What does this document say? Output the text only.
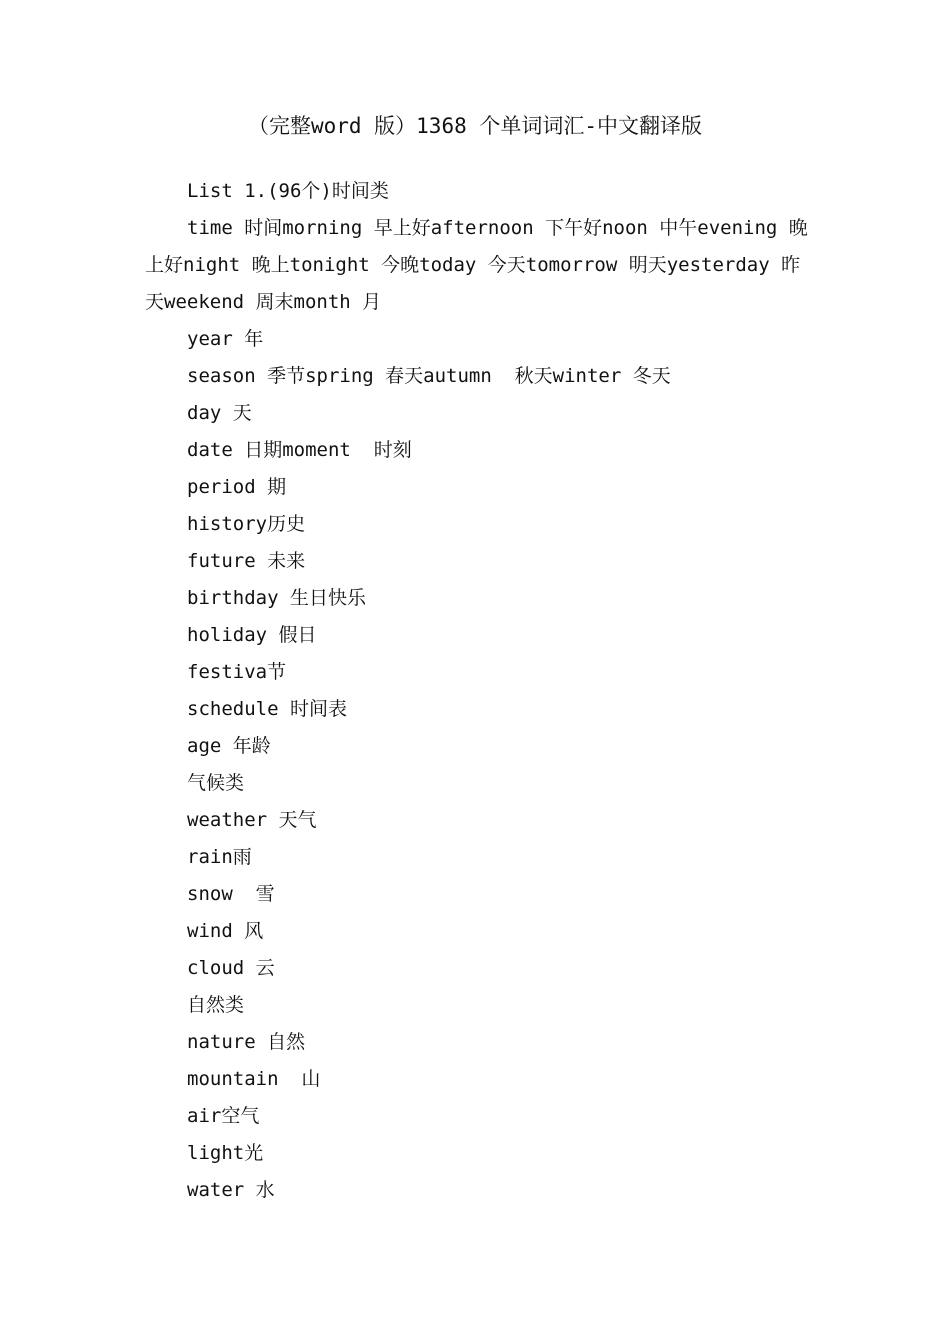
（完整word 版）1368 个单词词汇-中文翻译版
List 1.(96个)时间类
time 时间morning 早上好afternoon 下午好noon 中午evening 晚上好night 晚上tonight 今晚today 今天tomorrow 明天yesterday 昨天weekend 周末month 月
year 年
season 季节spring 春天autumn  秋天winter 冬天
day 天
date 日期moment  时刻
period 期
history历史
future 未来
birthday 生日快乐
holiday 假日
festiva节
schedule 时间表
age 年龄
气候类
weather 天气
rain雨
snow  雪
wind 风
cloud 云
自然类
nature 自然
mountain  山
air空气
light光
water 水
